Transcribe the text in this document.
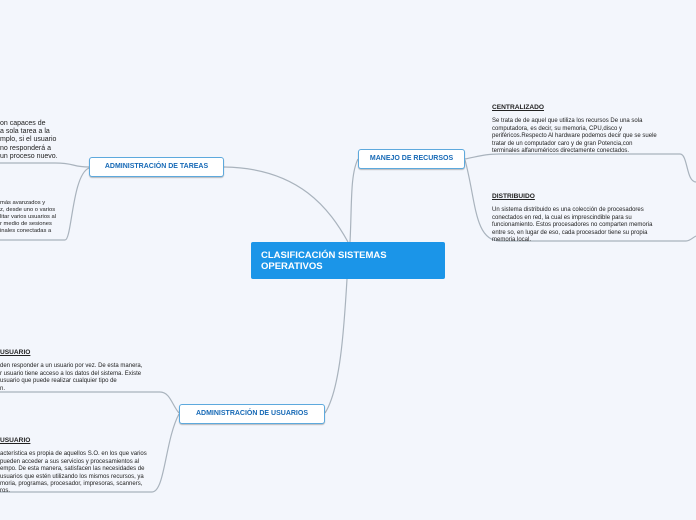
CLASIFICACIÓN SISTEMAS OPERATIVOS
ADMINISTRACIÓN DE TAREAS
MANEJO DE RECURSOS
ADMINISTRACIÓN DE USUARIOS
on capaces de
a sola tarea a la
mplo, si el usuario
no responderá a
un proceso nuevo.
más avanzados y
z, desde uno o varios
litar varios usuarios al
r medio de sesiones
inales conectadas a
CENTRALIZADO
Se trata de de aquel que utiliza los recursos De una sola
computadora, es decir, su memoria, CPU,disco y
periféricos.Respecto Al hardware podemos decir que se suele
tratar de un computador caro y de gran Potencia,con
terminales alfanuméricos directamente conectados.
DISTRIBUIDO
Un sistema distribuido es una colección de procesadores
conectados en red, la cual es imprescindible para su
funcionamiento. Estos procesadores no comparten memoria
entre so, en lugar de eso, cada procesador tiene su propia
memoria local.
USUARIO
den responder a un usuario por vez. De esta manera,
r usuario tiene acceso a los datos del sistema. Existe
usuario que puede realizar cualquier tipo de
n.
USUARIO
acterística es propia de aquellos S.O. en los que varios
pueden acceder a sus servicios y procesamientos al
empo. De esta manera, satisfacen las necesidades de
usuarios que estén utilizando los mismos recursos, ya
moria, programas, procesador, impresoras, scanners,
ros.
